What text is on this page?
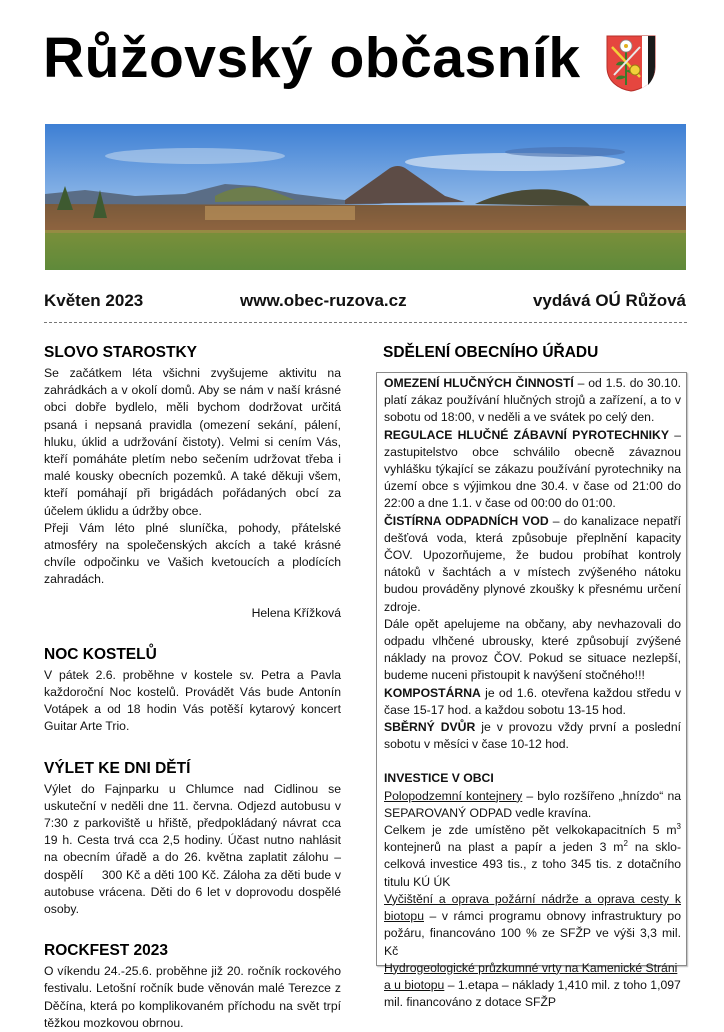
Růžovský občasník
Květen 2023	www.obec-ruzova.cz	vydává OÚ Růžová
SLOVO STAROSTKY

Se začátkem léta všichni zvyšujeme aktivitu na zahrádkách a v okolí domů. Aby se nám v naší krásné obci dobře bydlelo, měli bychom dodržovat určitá psaná i nepsaná pravidla (omezení sekání, pálení, hluku, úklid a udržování čistoty). Velmi si cením Vás, kteří pomáháte pletím nebo sečením udržovat třeba i malé kousky obecních pozemků. A také děkuji všem, kteří pomáhají při brigádách pořádaných obcí za účelem úklidu a údržby obce.

Přeji Vám léto plné sluníčka, pohody, přátelské atmosféry na společenských akcích a také krásné chvíle odpočinku ve Vašich kvetoucích a plodících zahradách.

Helena Křížková

NOC KOSTELŮ

V pátek 2.6. proběhne v kostele sv. Petra a Pavla každoroční Noc kostelů. Provádět Vás bude Antonín Votápek a od 18 hodin Vás potěší kytarový koncert Guitar Arte Trio.

VÝLET KE DNI DĚTÍ

Výlet do Fajnparku u Chlumce nad Cidlinou se uskuteční v neděli dne 11. června. Odjezd autobusu v 7:30 z parkoviště u hřiště, předpokládaný návrat cca 19 h. Cesta trvá cca 2,5 hodiny. Účast nutno nahlásit na obecním úřadě a do 26. května zaplatit zálohu – dospělí     300 Kč a děti 100 Kč. Záloha za děti bude v autobuse vrácena. Děti do 6 let v doprovodu dospělé osoby.

ROCKFEST 2023

O víkendu 24.-25.6. proběhne již 20. ročník rockového festivalu. Letošní ročník bude věnován malé Terezce z Děčína, která po komplikovaném příchodu na svět trpí těžkou mozkovou obrnou.

SDĚLENÍ OBECNÍHO ÚŘADU

OMEZENÍ HLUČNÝCH ČINNOSTÍ – od 1.5. do 30.10. platí zákaz používání hlučných strojů a zařízení, a to v sobotu od 18:00, v neděli a ve svátek po celý den.

REGULACE HLUČNÉ ZÁBAVNÍ PYROTECHNIKY – zastupitelstvo obce schválilo obecně závaznou vyhlášku týkající se zákazu používání pyrotechniky na území obce s výjimkou dne 30.4. v čase od 21:00 do 22:00 a dne 1.1. v čase od 00:00 do 01:00.

ČISTÍRNA ODPADNÍCH VOD – do kanalizace nepatří dešťová voda, která způsobuje přeplnění kapacity ČOV. Upozorňujeme, že budou probíhat kontroly nátoků v šachtách a v místech zvýšeného nátoku budou prováděny plynové zkoušky k přesnému určení zdroje.

Dále opět apelujeme na občany, aby nevhazovali do odpadu vlhčené ubrousky, které způsobují zvýšené náklady na provoz ČOV. Pokud se situace nezlepší, budeme nuceni přistoupit k navýšení stočného!!!

KOMPOSTÁRNA je od 1.6. otevřena každou středu v čase 15-17 hod. a každou sobotu 13-15 hod.

SBĚRNÝ DVŮR je v provozu vždy první a poslední sobotu v měsíci v čase 10-12 hod.

INVESTICE V OBCI

Polopodzemní kontejnery – bylo rozšířeno „hnízdo“ na SEPAROVANÝ ODPAD vedle kravína.

Celkem je zde umístěno pět velkokapacitních 5 $m^3$ kontejnerů na plast a papír a jeden 3 $m^2$ na sklo- celková investice 493 tis., z toho 345 tis. z dotačního titulu KÚ ÚK

Vyčištění a oprava požární nádrže a oprava cesty k biotopu – v rámci programu obnovy infrastruktury po požáru, financováno 100 % ze SFŽP ve výši 3,3 mil. Kč

Hydrogeologické průzkumné vrty na Kamenické Stráni a u biotopu – 1.etapa – náklady 1,410 mil. z toho 1,097 mil. financováno z dotace SFŽP
